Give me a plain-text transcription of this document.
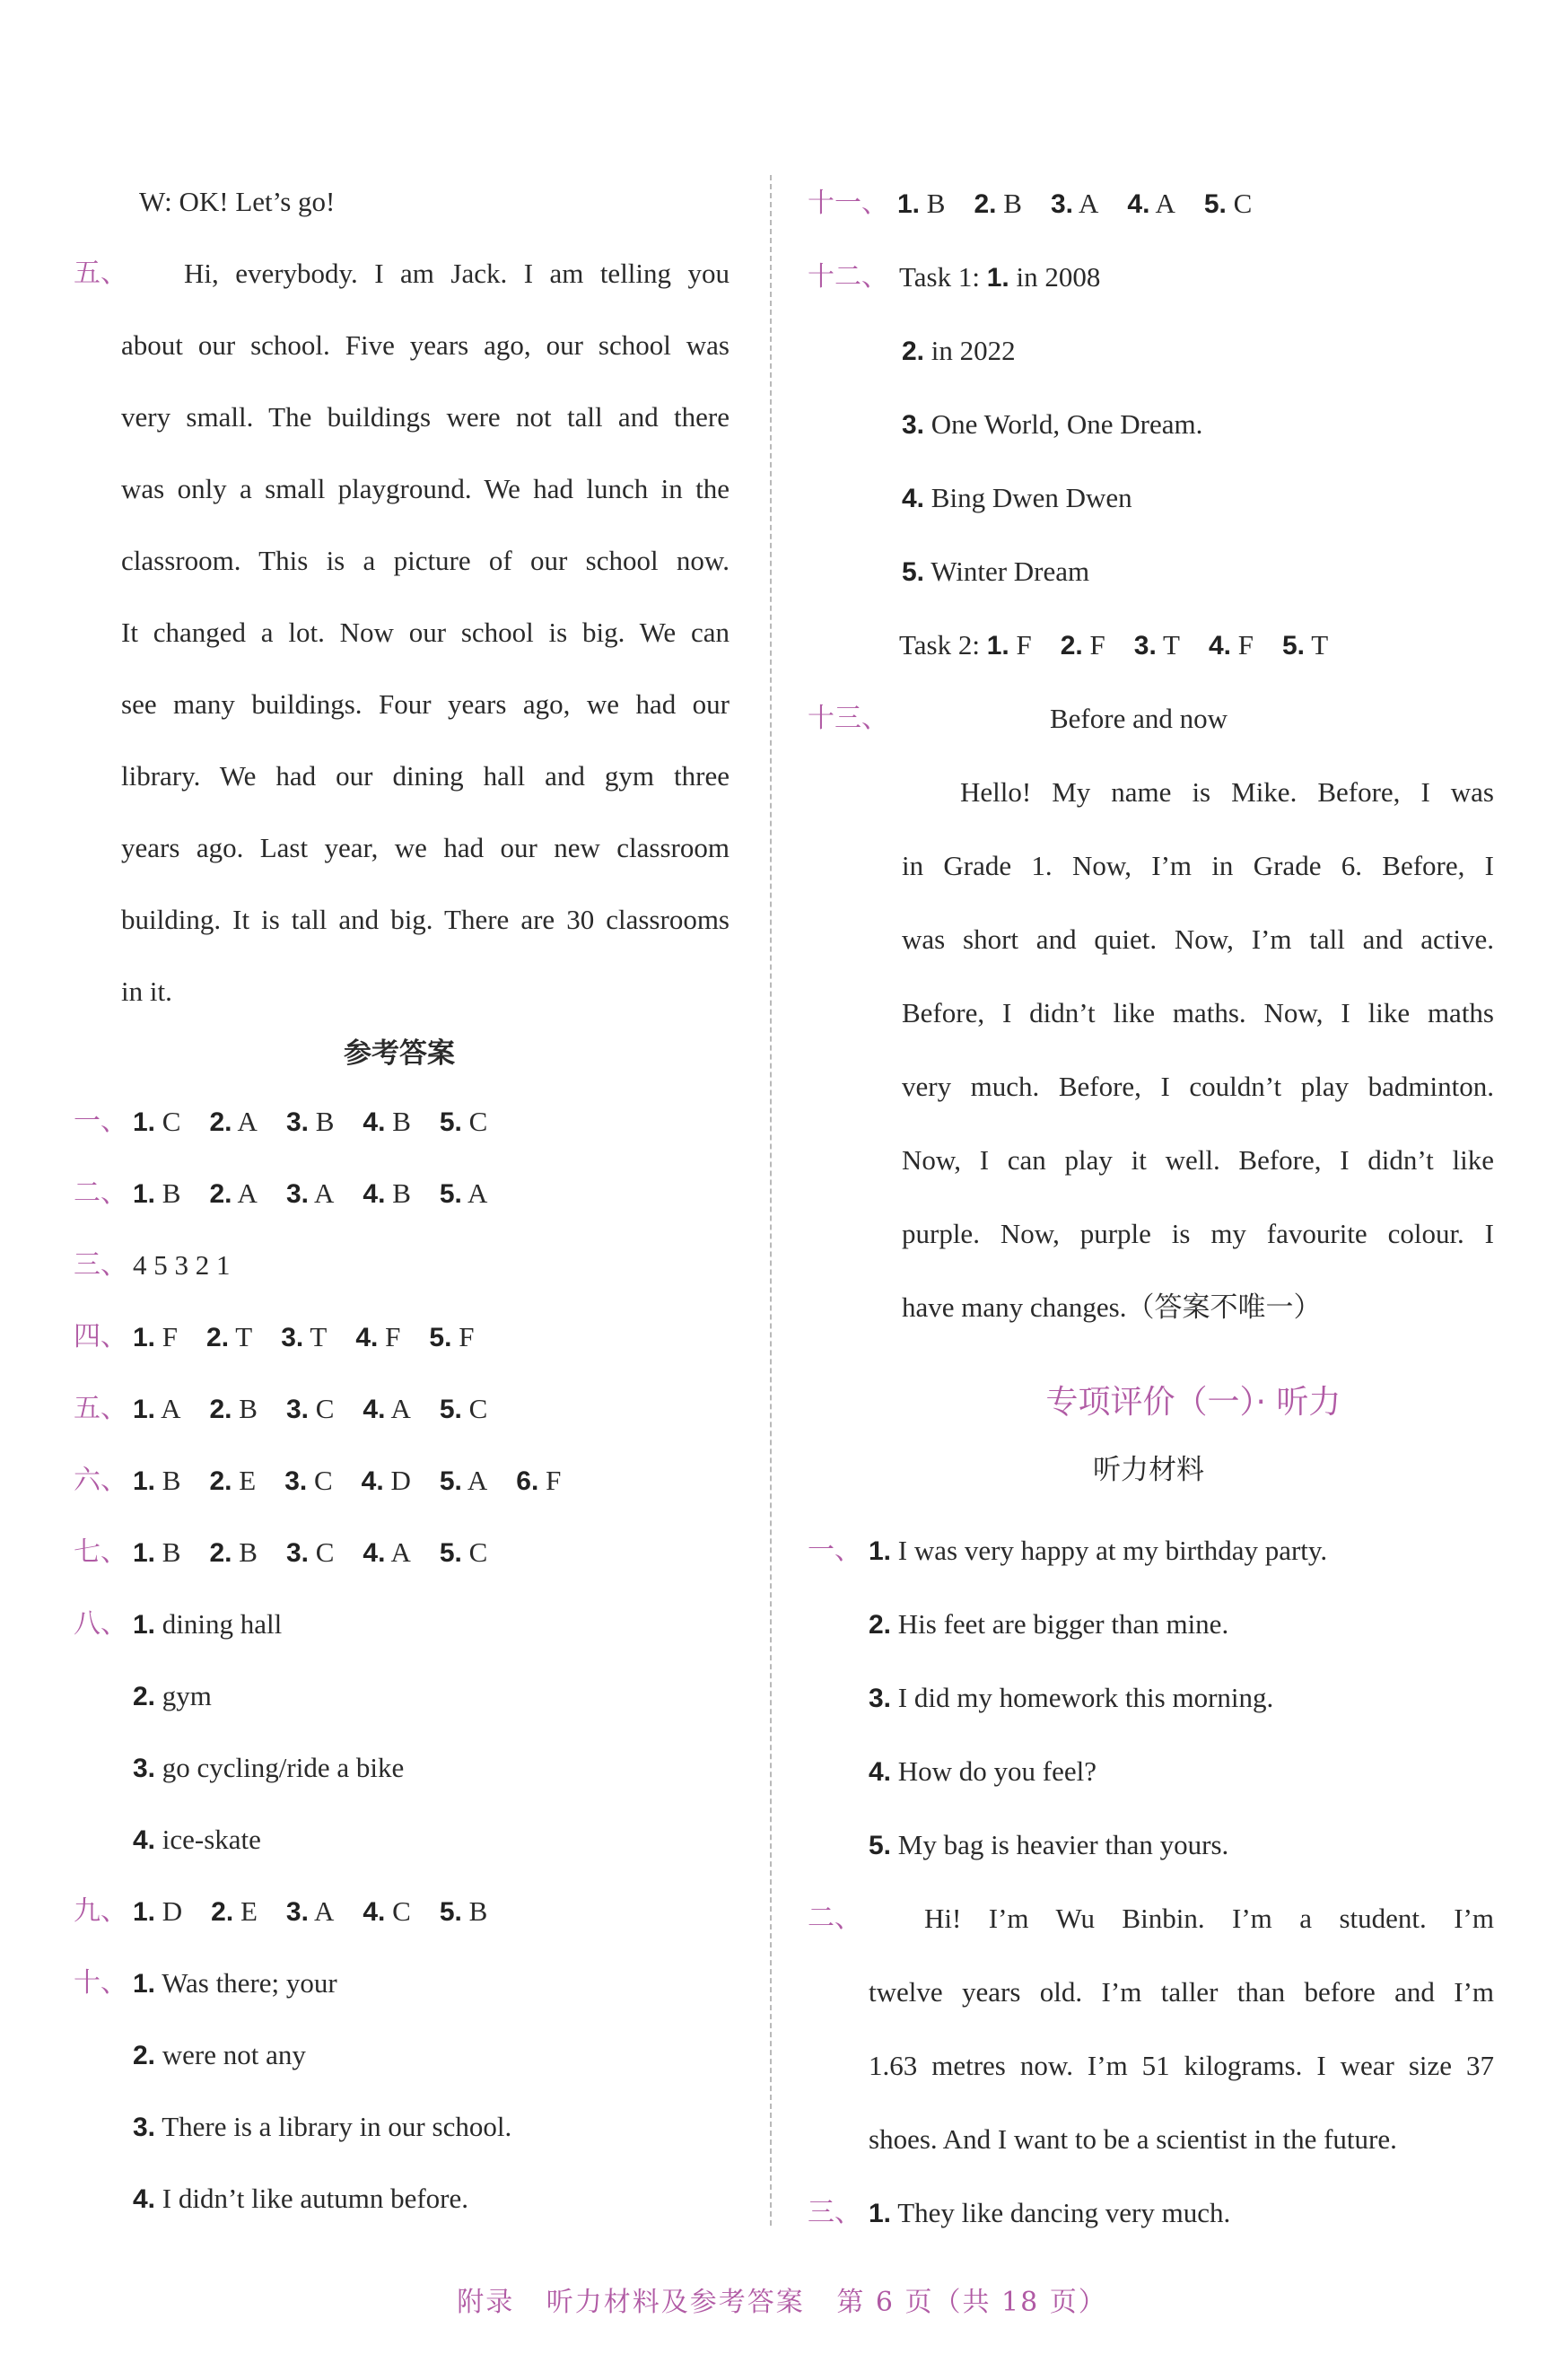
W: OK! Let’s go!
五、 Hi, everybody. I am Jack. I am telling you
about our school. Five years ago, our school was
very small. The buildings were not tall and there
was only a small playground. We had lunch in the
classroom. This is a picture of our school now.
It changed a lot. Now our school is big. We can
see many buildings. Four years ago, we had our
library. We had our dining hall and gym three
years ago. Last year, we had our new classroom
building. It is tall and big. There are 30 classrooms
in it.
参考答案
一、 1. C 2. A 3. B 4. B 5. C
二、 1. B 2. A 3. A 4. B 5. A
三、 4 5 3 2 1
四、 1. F 2. T 3. T 4. F 5. F
五、 1. A 2. B 3. C 4. A 5. C
六、 1. B 2. E 3. C 4. D 5. A 6. F
七、 1. B 2. B 3. C 4. A 5. C
八、 1. dining hall
2. gym
3. go cycling/ride a bike
4. ice-skate
九、 1. D 2. E 3. A 4. C 5. B
十、 1. Was there; your
2. were not any
3. There is a library in our school.
4. I didn’t like autumn before.
十一、 1. B 2. B 3. A 4. A 5. C
十二、 Task 1: 1. in 2008
2. in 2022
3. One World, One Dream.
4. Bing Dwen Dwen
5. Winter Dream
Task 2: 1. F 2. F 3. T 4. F 5. T
十三、	Before and now
Hello! My name is Mike. Before, I was
in Grade 1. Now, I’m in Grade 6. Before, I
was short and quiet. Now, I’m tall and active.
Before, I didn’t like maths. Now, I like maths
very much. Before, I couldn’t play badminton.
Now, I can play it well. Before, I didn’t like
purple. Now, purple is my favourite colour. I
have many changes.（答案不唯一）
专项评价（一）· 听力
听力材料
一、 1. I was very happy at my birthday party.
2. His feet are bigger than mine.
3. I did my homework this morning.
4. How do you feel?
5. My bag is heavier than yours.
二、 Hi! I’m Wu Binbin. I’m a student. I’m
twelve years old. I’m taller than before and I’m
1.63 metres now. I’m 51 kilograms. I wear size 37
shoes. And I want to be a scientist in the future.
三、 1. They like dancing very much.
附录 听力材料及参考答案 第 6 页（共 18 页）
